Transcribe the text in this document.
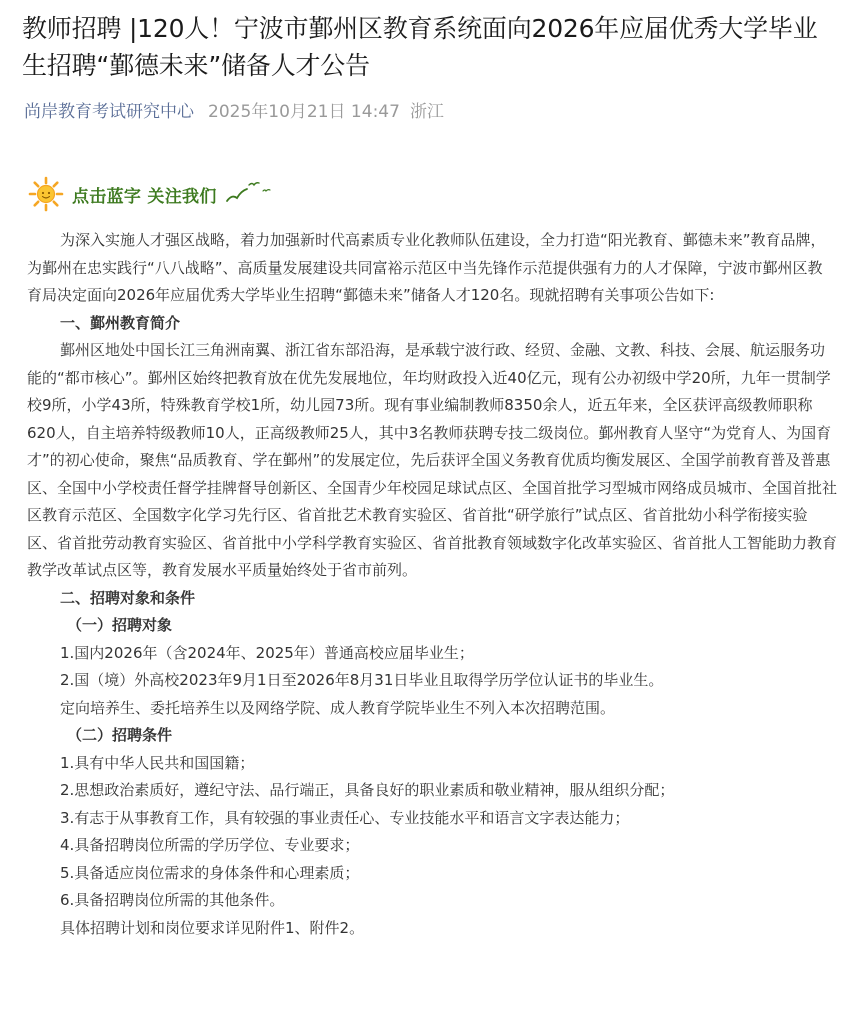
教师招聘 |120人！宁波市鄞州区教育系统面向2026年应届优秀大学毕业生招聘“鄞德未来”储备人才公告
尚岸教育考试研究中心 2025年10月21日 14:47 浙江
点击蓝字 关注我们

为深入实施人才强区战略，着力加强新时代高素质专业化教师队伍建设，全力打造“阳光教育、鄞德未来”教育品牌，为鄞州在忠实践行“八八战略”、高质量发展建设共同富裕示范区中当先锋作示范提供强有力的人才保障，宁波市鄞州区教育局决定面向2026年应届优秀大学毕业生招聘“鄞德未来”储备人才120名。现就招聘有关事项公告如下:

一、鄞州教育简介

鄞州区地处中国长江三角洲南翼、浙江省东部沿海，是承载宁波行政、经贸、金融、文教、科技、会展、航运服务功能的“都市核心”。鄞州区始终把教育放在优先发展地位，年均财政投入近40亿元，现有公办初级中学20所，九年一贯制学校9所，小学43所，特殊教育学校1所，幼儿园73所。现有事业编制教师8350余人，近五年来，全区获评高级教师职称620人，自主培养特级教师10人，正高级教师25人，其中3名教师获聘专技二级岗位。鄞州教育人坚守“为党育人、为国育才”的初心使命，聚焦“品质教育、学在鄞州”的发展定位，先后获评全国义务教育优质均衡发展区、全国学前教育普及普惠区、全国中小学校责任督学挂牌督导创新区、全国青少年校园足球试点区、全国首批学习型城市网络成员城市、全国首批社区教育示范区、全国数字化学习先行区、省首批艺术教育实验区、省首批“研学旅行”试点区、省首批幼小科学衔接实验区、省首批劳动教育实验区、省首批中小学科学教育实验区、省首批教育领域数字化改革实验区、省首批人工智能助力教育教学改革试点区等，教育发展水平质量始终处于省市前列。

二、招聘对象和条件

（一）招聘对象

1.国内2026年（含2024年、2025年）普通高校应届毕业生；

2.国（境）外高校2023年9月1日至2026年8月31日毕业且取得学历学位认证书的毕业生。

定向培养生、委托培养生以及网络学院、成人教育学院毕业生不列入本次招聘范围。

（二）招聘条件

1.具有中华人民共和国国籍；

2.思想政治素质好，遵纪守法、品行端正，具备良好的职业素质和敬业精神，服从组织分配；

3.有志于从事教育工作，具有较强的事业责任心、专业技能水平和语言文字表达能力；

4.具备招聘岗位所需的学历学位、专业要求；

5.具备适应岗位需求的身体条件和心理素质；

6.具备招聘岗位所需的其他条件。

具体招聘计划和岗位要求详见附件1、附件2。
